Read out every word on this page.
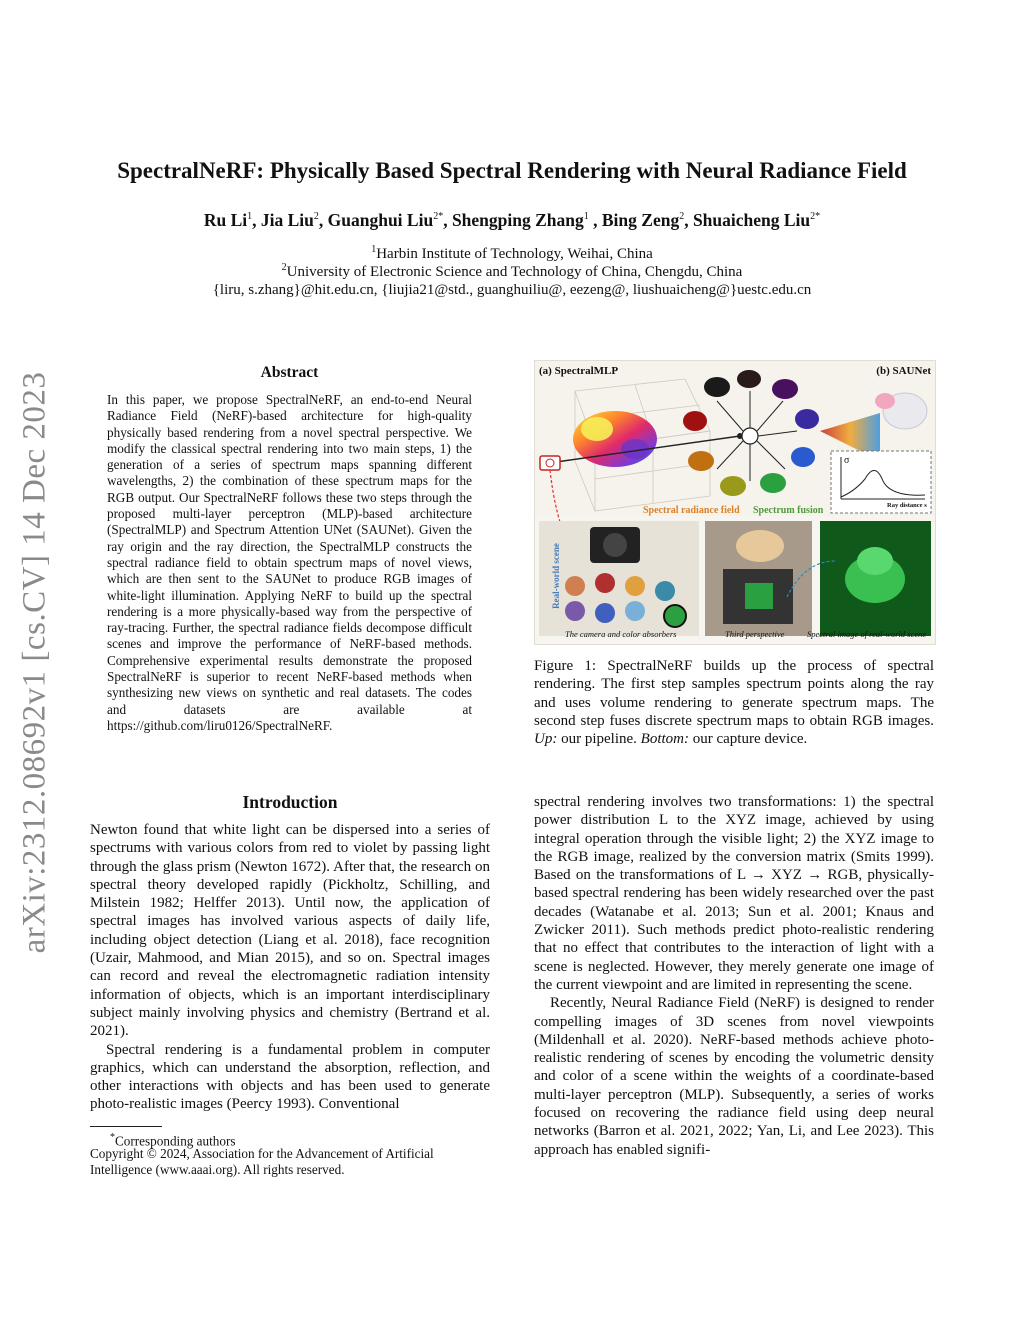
arXiv:2312.08692v1 [cs.CV] 14 Dec 2023
SpectralNeRF: Physically Based Spectral Rendering with Neural Radiance Field
Ru Li$^1$, Jia Liu$^2$, Guanghui Liu$^{2*}$, Shengping Zhang$^1$ , Bing Zeng$^2$, Shuaicheng Liu$^{2*}$
$^1$Harbin Institute of Technology, Weihai, China
$^2$University of Electronic Science and Technology of China, Chengdu, China
{liru, s.zhang}@hit.edu.cn, {liujia21@std., guanghuiliu@, eezeng@, liushuaicheng@}uestc.edu.cn
Abstract
In this paper, we propose SpectralNeRF, an end-to-end Neural Radiance Field (NeRF)-based architecture for high-quality physically based rendering from a novel spectral perspective. We modify the classical spectral rendering into two main steps, 1) the generation of a series of spectrum maps spanning different wavelengths, 2) the combination of these spectrum maps for the RGB output. Our SpectralNeRF follows these two steps through the proposed multi-layer perceptron (MLP)-based architecture (SpectralMLP) and Spectrum Attention UNet (SAUNet). Given the ray origin and the ray direction, the SpectralMLP constructs the spectral radiance field to obtain spectrum maps of novel views, which are then sent to the SAUNet to produce RGB images of white-light illumination. Applying NeRF to build up the spectral rendering is a more physically-based way from the perspective of ray-tracing. Further, the spectral radiance fields decompose difficult scenes and improve the performance of NeRF-based methods. Comprehensive experimental results demonstrate the proposed SpectralNeRF is superior to recent NeRF-based methods when synthesizing new views on synthetic and real datasets. The codes and datasets are available at https://github.com/liru0126/SpectralNeRF.
(a) SpectralMLP	(b) SAUNet
Spectral radiance field Spectrum fusion
σ
Ray distance s
Real-world scene
The camera and color absorbers	Third perspective	Spectral image of real-world scene
Figure 1: SpectralNeRF builds up the process of spectral rendering. The first step samples spectrum points along the ray and uses volume rendering to generate spectrum maps. The second step fuses discrete spectrum maps to obtain RGB images. Up: our pipeline. Bottom: our capture device.
Introduction

Newton found that white light can be dispersed into a series of spectrums with various colors from red to violet by passing light through the glass prism (Newton 1672). After that, the research on spectral theory developed rapidly (Pickholtz, Schilling, and Milstein 1982; Helffer 2013). Until now, the application of spectral images has involved various aspects of daily life, including object detection (Liang et al. 2018), face recognition (Uzair, Mahmood, and Mian 2015), and so on. Spectral images can record and reveal the electromagnetic radiation intensity information of objects, which is an important interdisciplinary subject mainly involving physics and chemistry (Bertrand et al. 2021).

Spectral rendering is a fundamental problem in computer graphics, which can understand the absorption, reflection, and other interactions with objects and has been used to generate photo-realistic images (Peercy 1993). Conventional

spectral rendering involves two transformations: 1) the spectral power distribution L to the XYZ image, achieved by using integral operation through the visible light; 2) the XYZ image to the RGB image, realized by the conversion matrix (Smits 1999). Based on the transformations of L → XYZ → RGB, physically-based spectral rendering has been widely researched over the past decades (Watanabe et al. 2013; Sun et al. 2001; Knaus and Zwicker 2011). Such methods predict photo-realistic rendering that no effect that contributes to the interaction of light with a scene is neglected. However, they merely generate one image of the current viewpoint and are limited in representing the scene.

Recently, Neural Radiance Field (NeRF) is designed to render compelling images of 3D scenes from novel viewpoints (Mildenhall et al. 2020). NeRF-based methods achieve photo-realistic rendering of scenes by encoding the volumetric density and color of a scene within the weights of a coordinate-based multi-layer perceptron (MLP). Subsequently, a series of works focused on recovering the radiance field using deep neural networks (Barron et al. 2021, 2022; Yan, Li, and Lee 2023). This approach has enabled signifi-

*Corresponding authors
Copyright © 2024, Association for the Advancement of Artificial Intelligence (www.aaai.org). All rights reserved.
